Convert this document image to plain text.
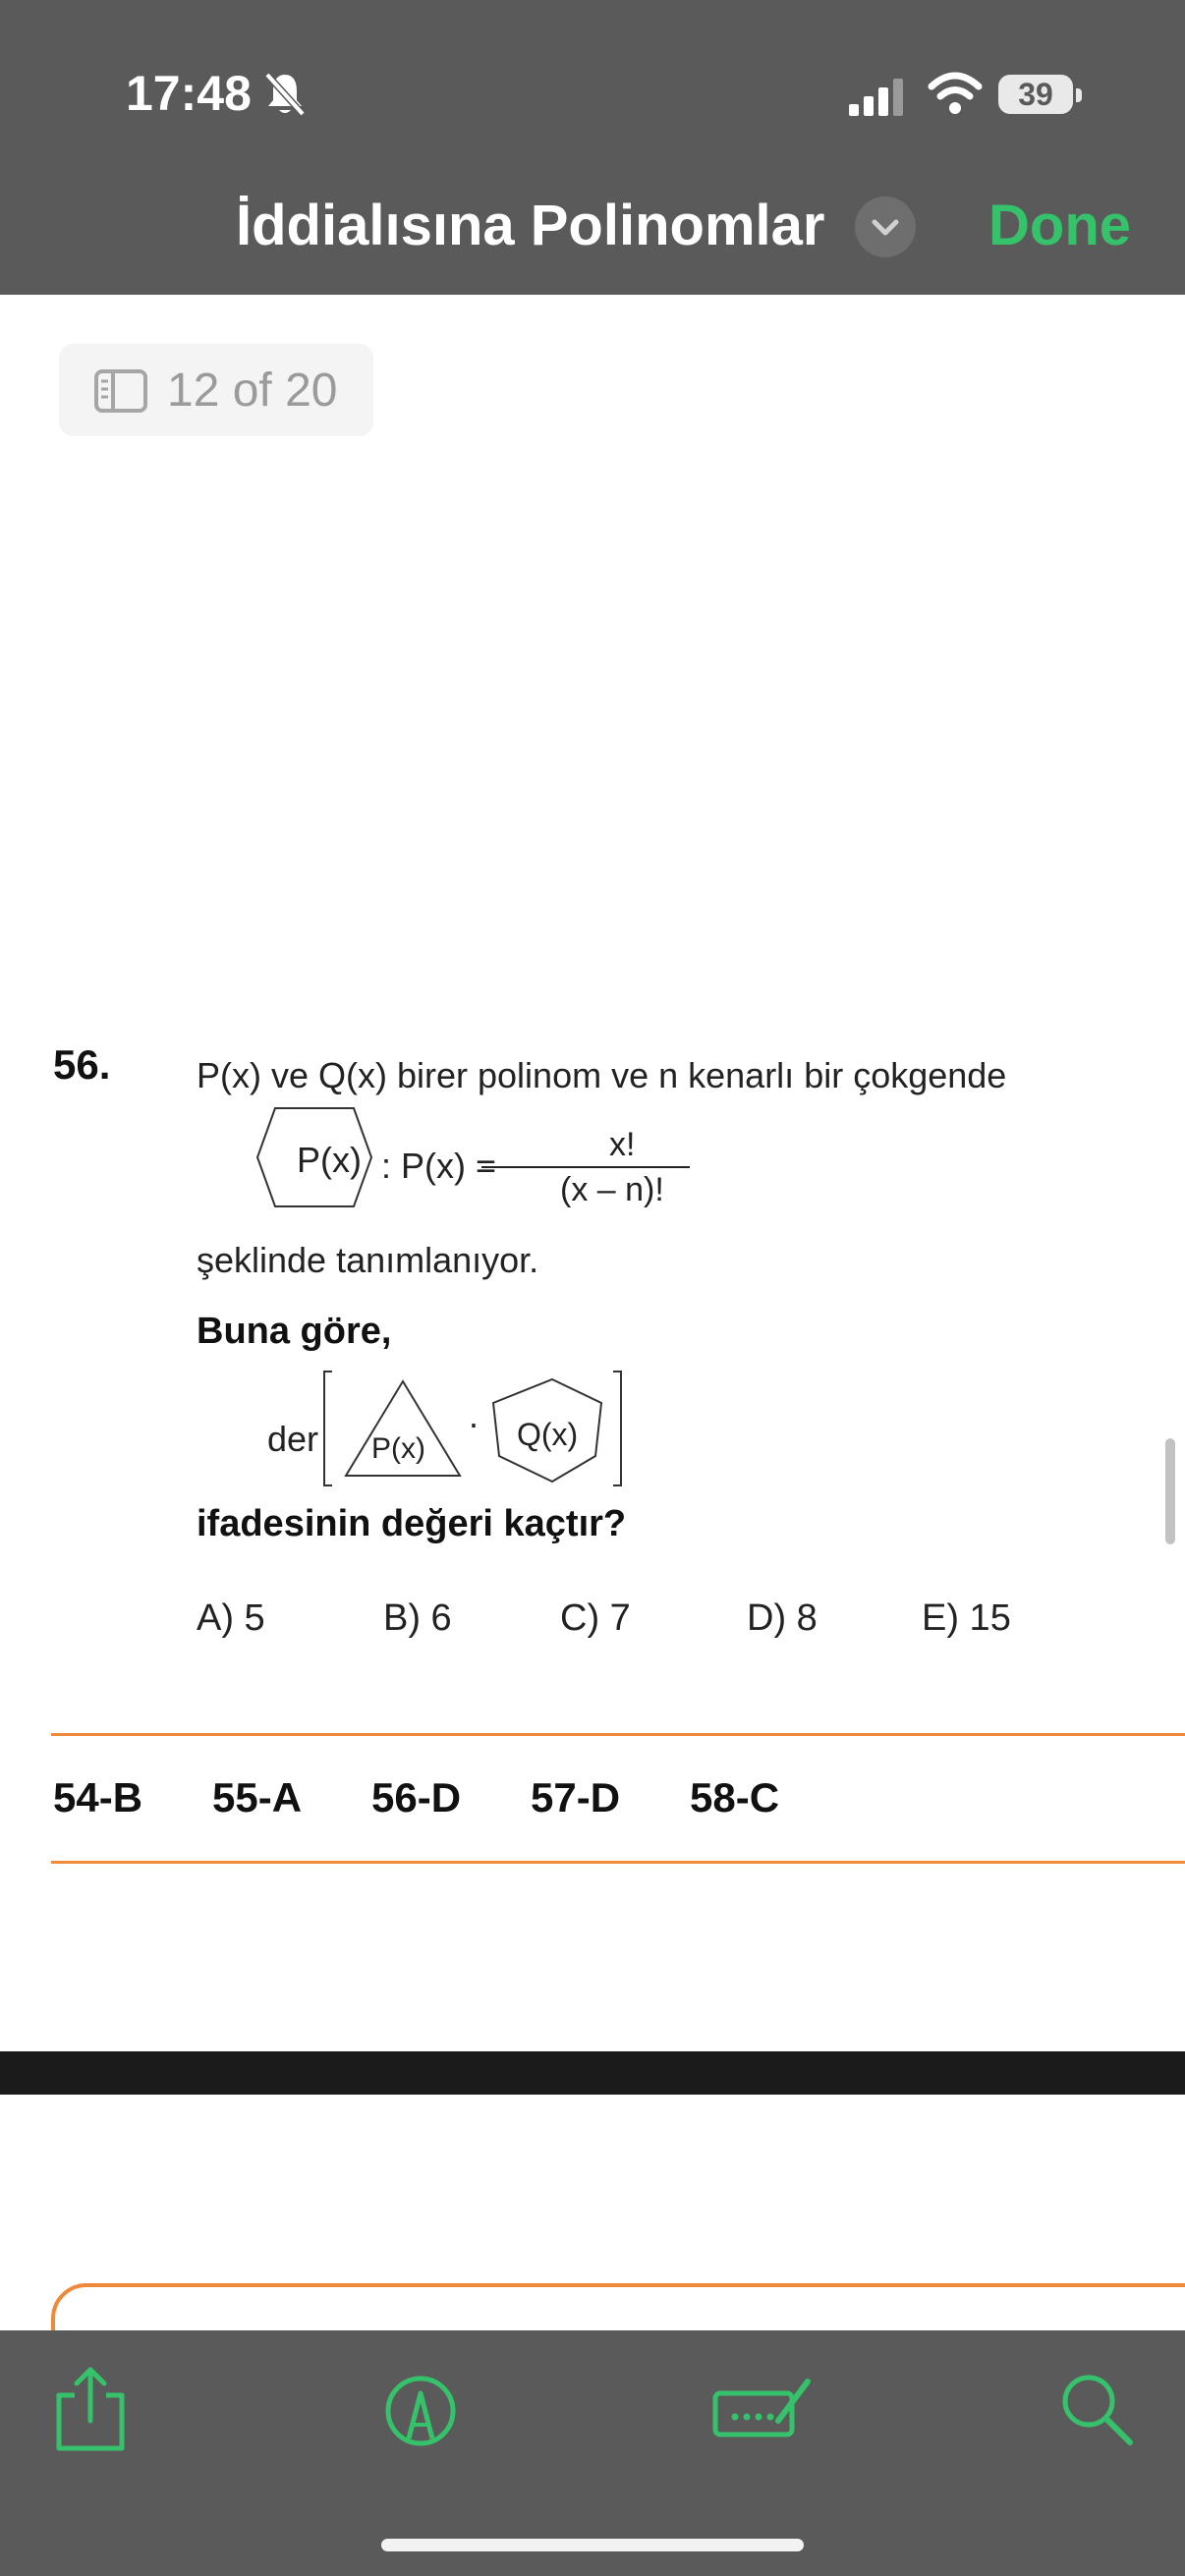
17:48	39
İddialısına Polinomlar	Done
12 of 20
56. P(x) ve Q(x) birer polinom ve n kenarlı bir çokgende
P(x) : P(x) =
x!
(x – n)!
şeklinde tanımlanıyor.
Buna göre,
der P(x)
· Q(x)
ifadesinin değeri kaçtır?
A) 5	B) 6	C) 7	D) 8	E) 15
54-B 55-A 56-D 57-D 58-C
